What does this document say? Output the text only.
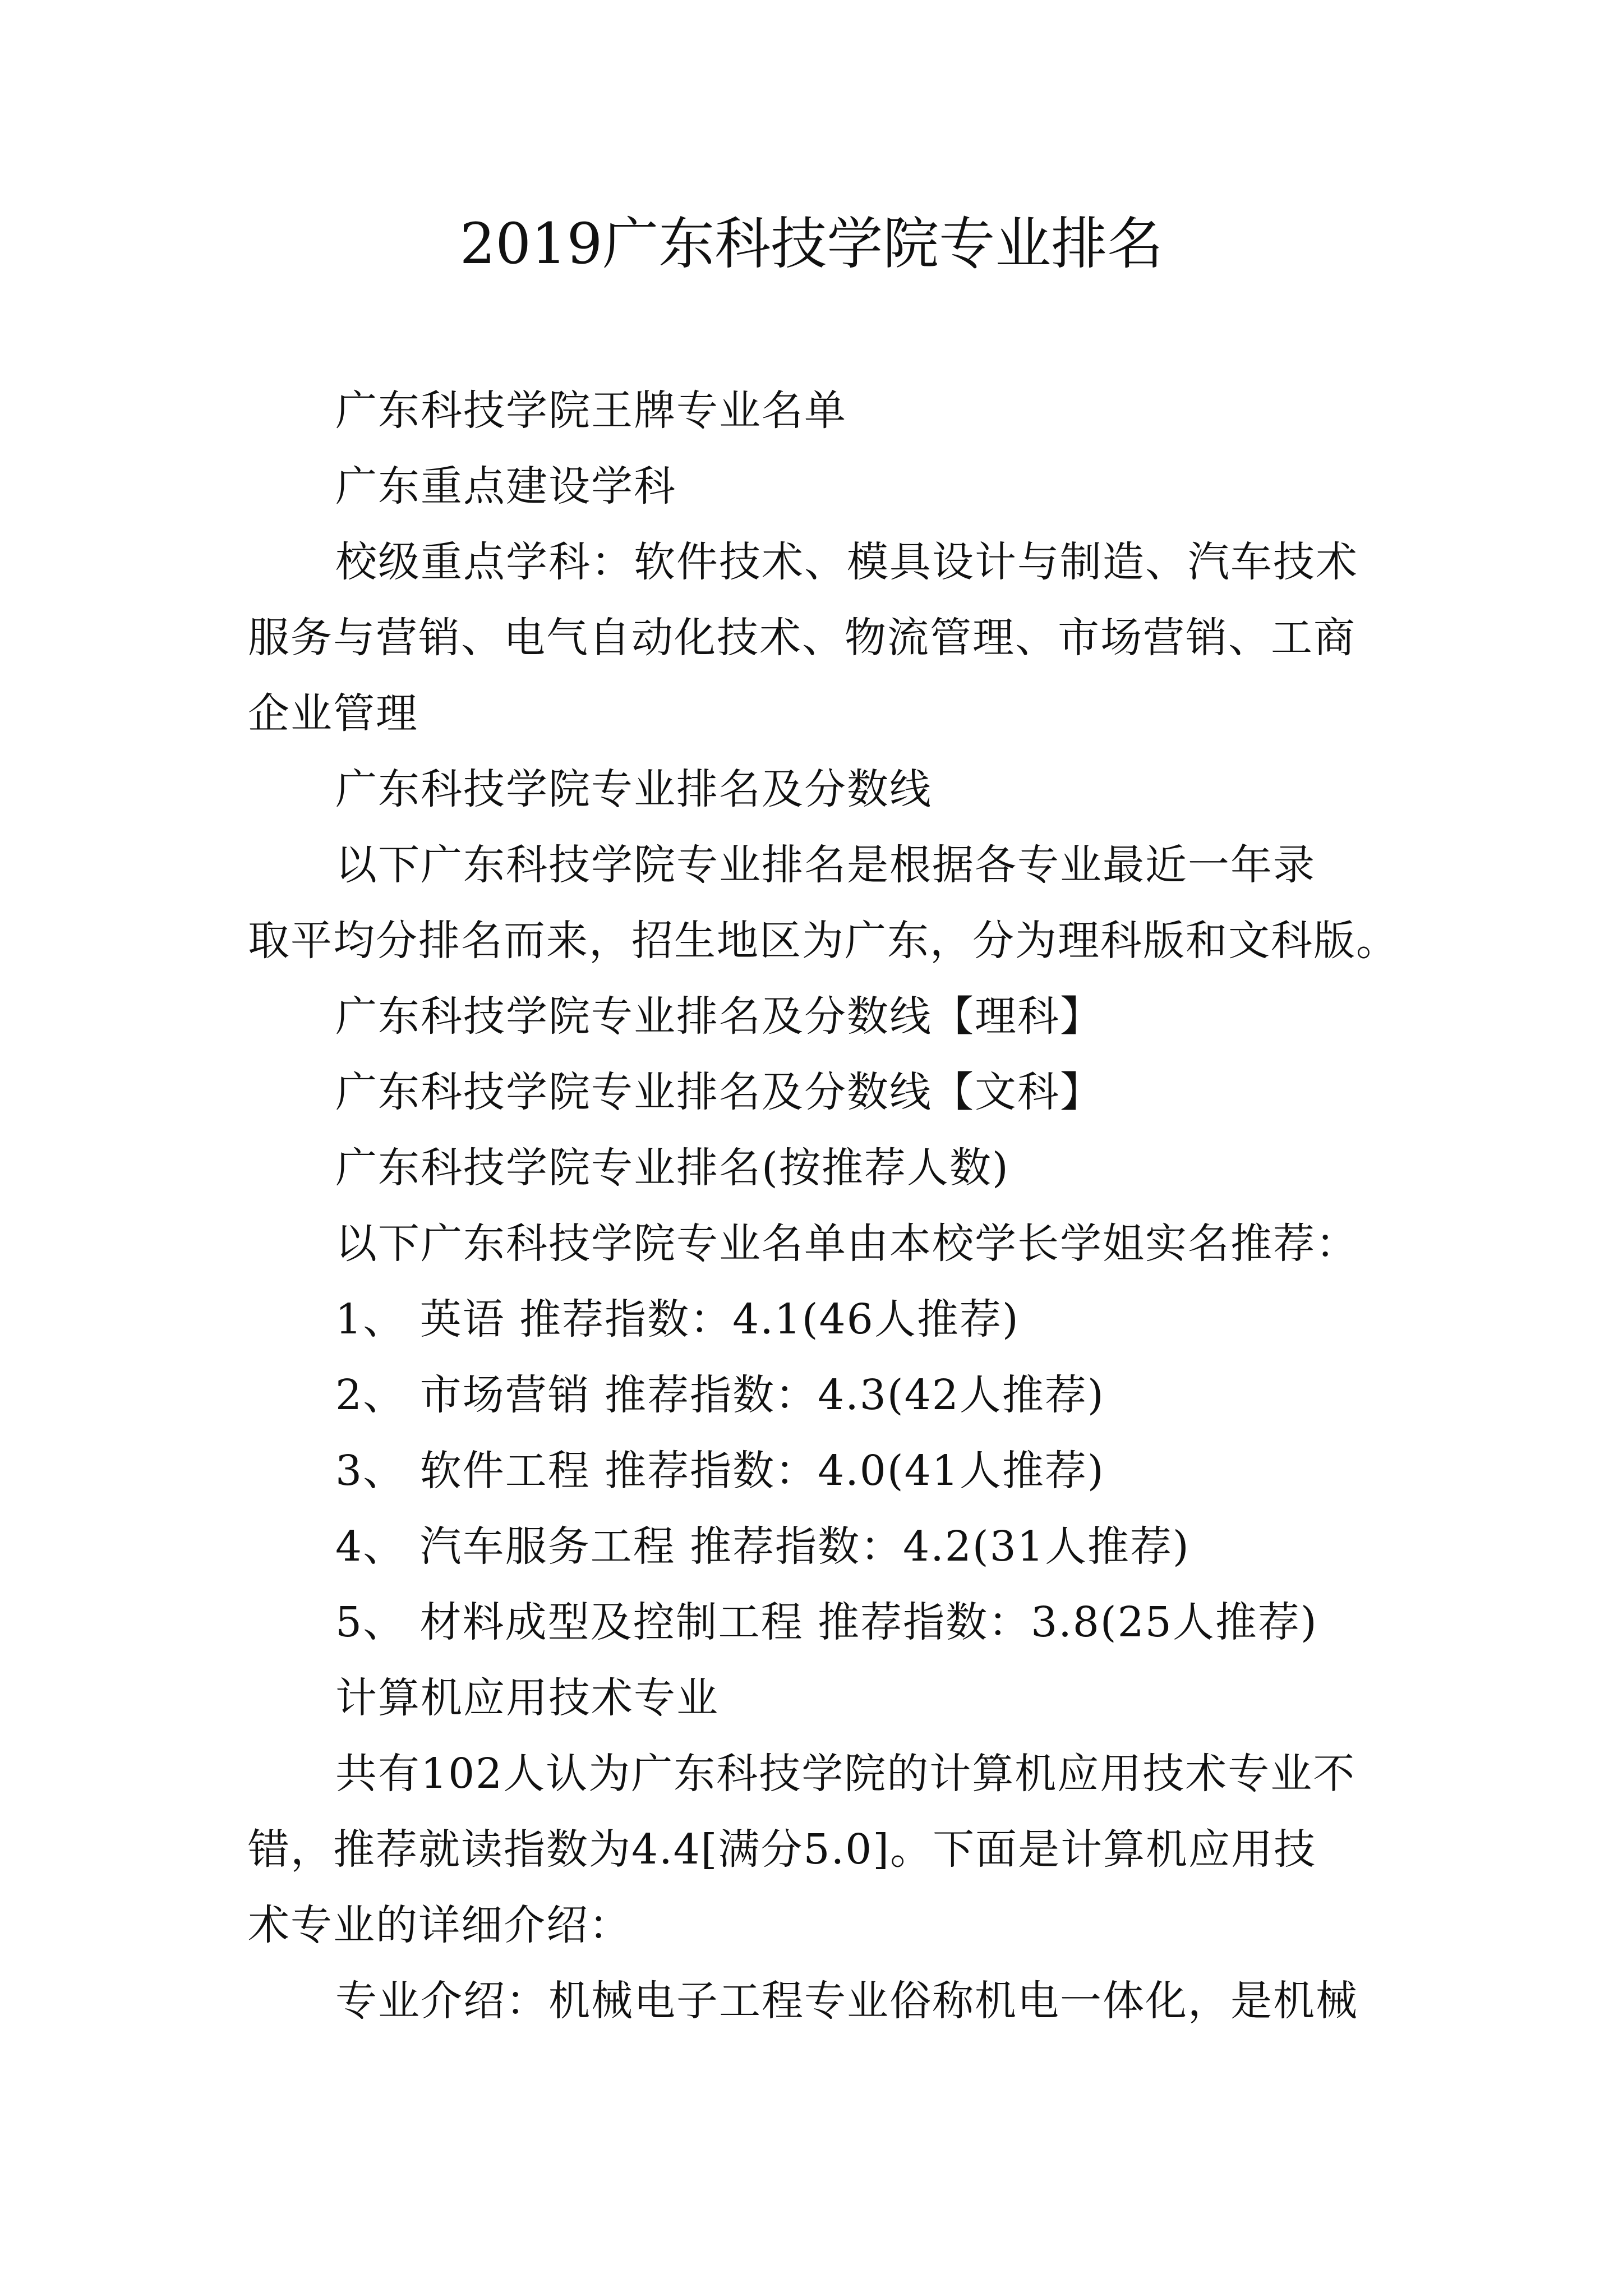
2019广东科技学院专业排名

广东科技学院王牌专业名单

广东重点建设学科

校级重点学科：软件技术、模具设计与制造、汽车技术

服务与营销、电气自动化技术、物流管理、市场营销、工商

企业管理

广东科技学院专业排名及分数线

以下广东科技学院专业排名是根据各专业最近一年录

取平均分排名而来，招生地区为广东，分为理科版和文科版。

广东科技学院专业排名及分数线【理科】

广东科技学院专业排名及分数线【文科】

广东科技学院专业排名(按推荐人数)

以下广东科技学院专业名单由本校学长学姐实名推荐：

1、 英语 推荐指数：4.1(46人推荐)

2、 市场营销 推荐指数：4.3(42人推荐)

3、 软件工程 推荐指数：4.0(41人推荐)

4、 汽车服务工程 推荐指数：4.2(31人推荐)

5、 材料成型及控制工程 推荐指数：3.8(25人推荐)

计算机应用技术专业

共有102人认为广东科技学院的计算机应用技术专业不

错，推荐就读指数为4.4[满分5.0]。下面是计算机应用技

术专业的详细介绍：

专业介绍：机械电子工程专业俗称机电一体化，是机械
